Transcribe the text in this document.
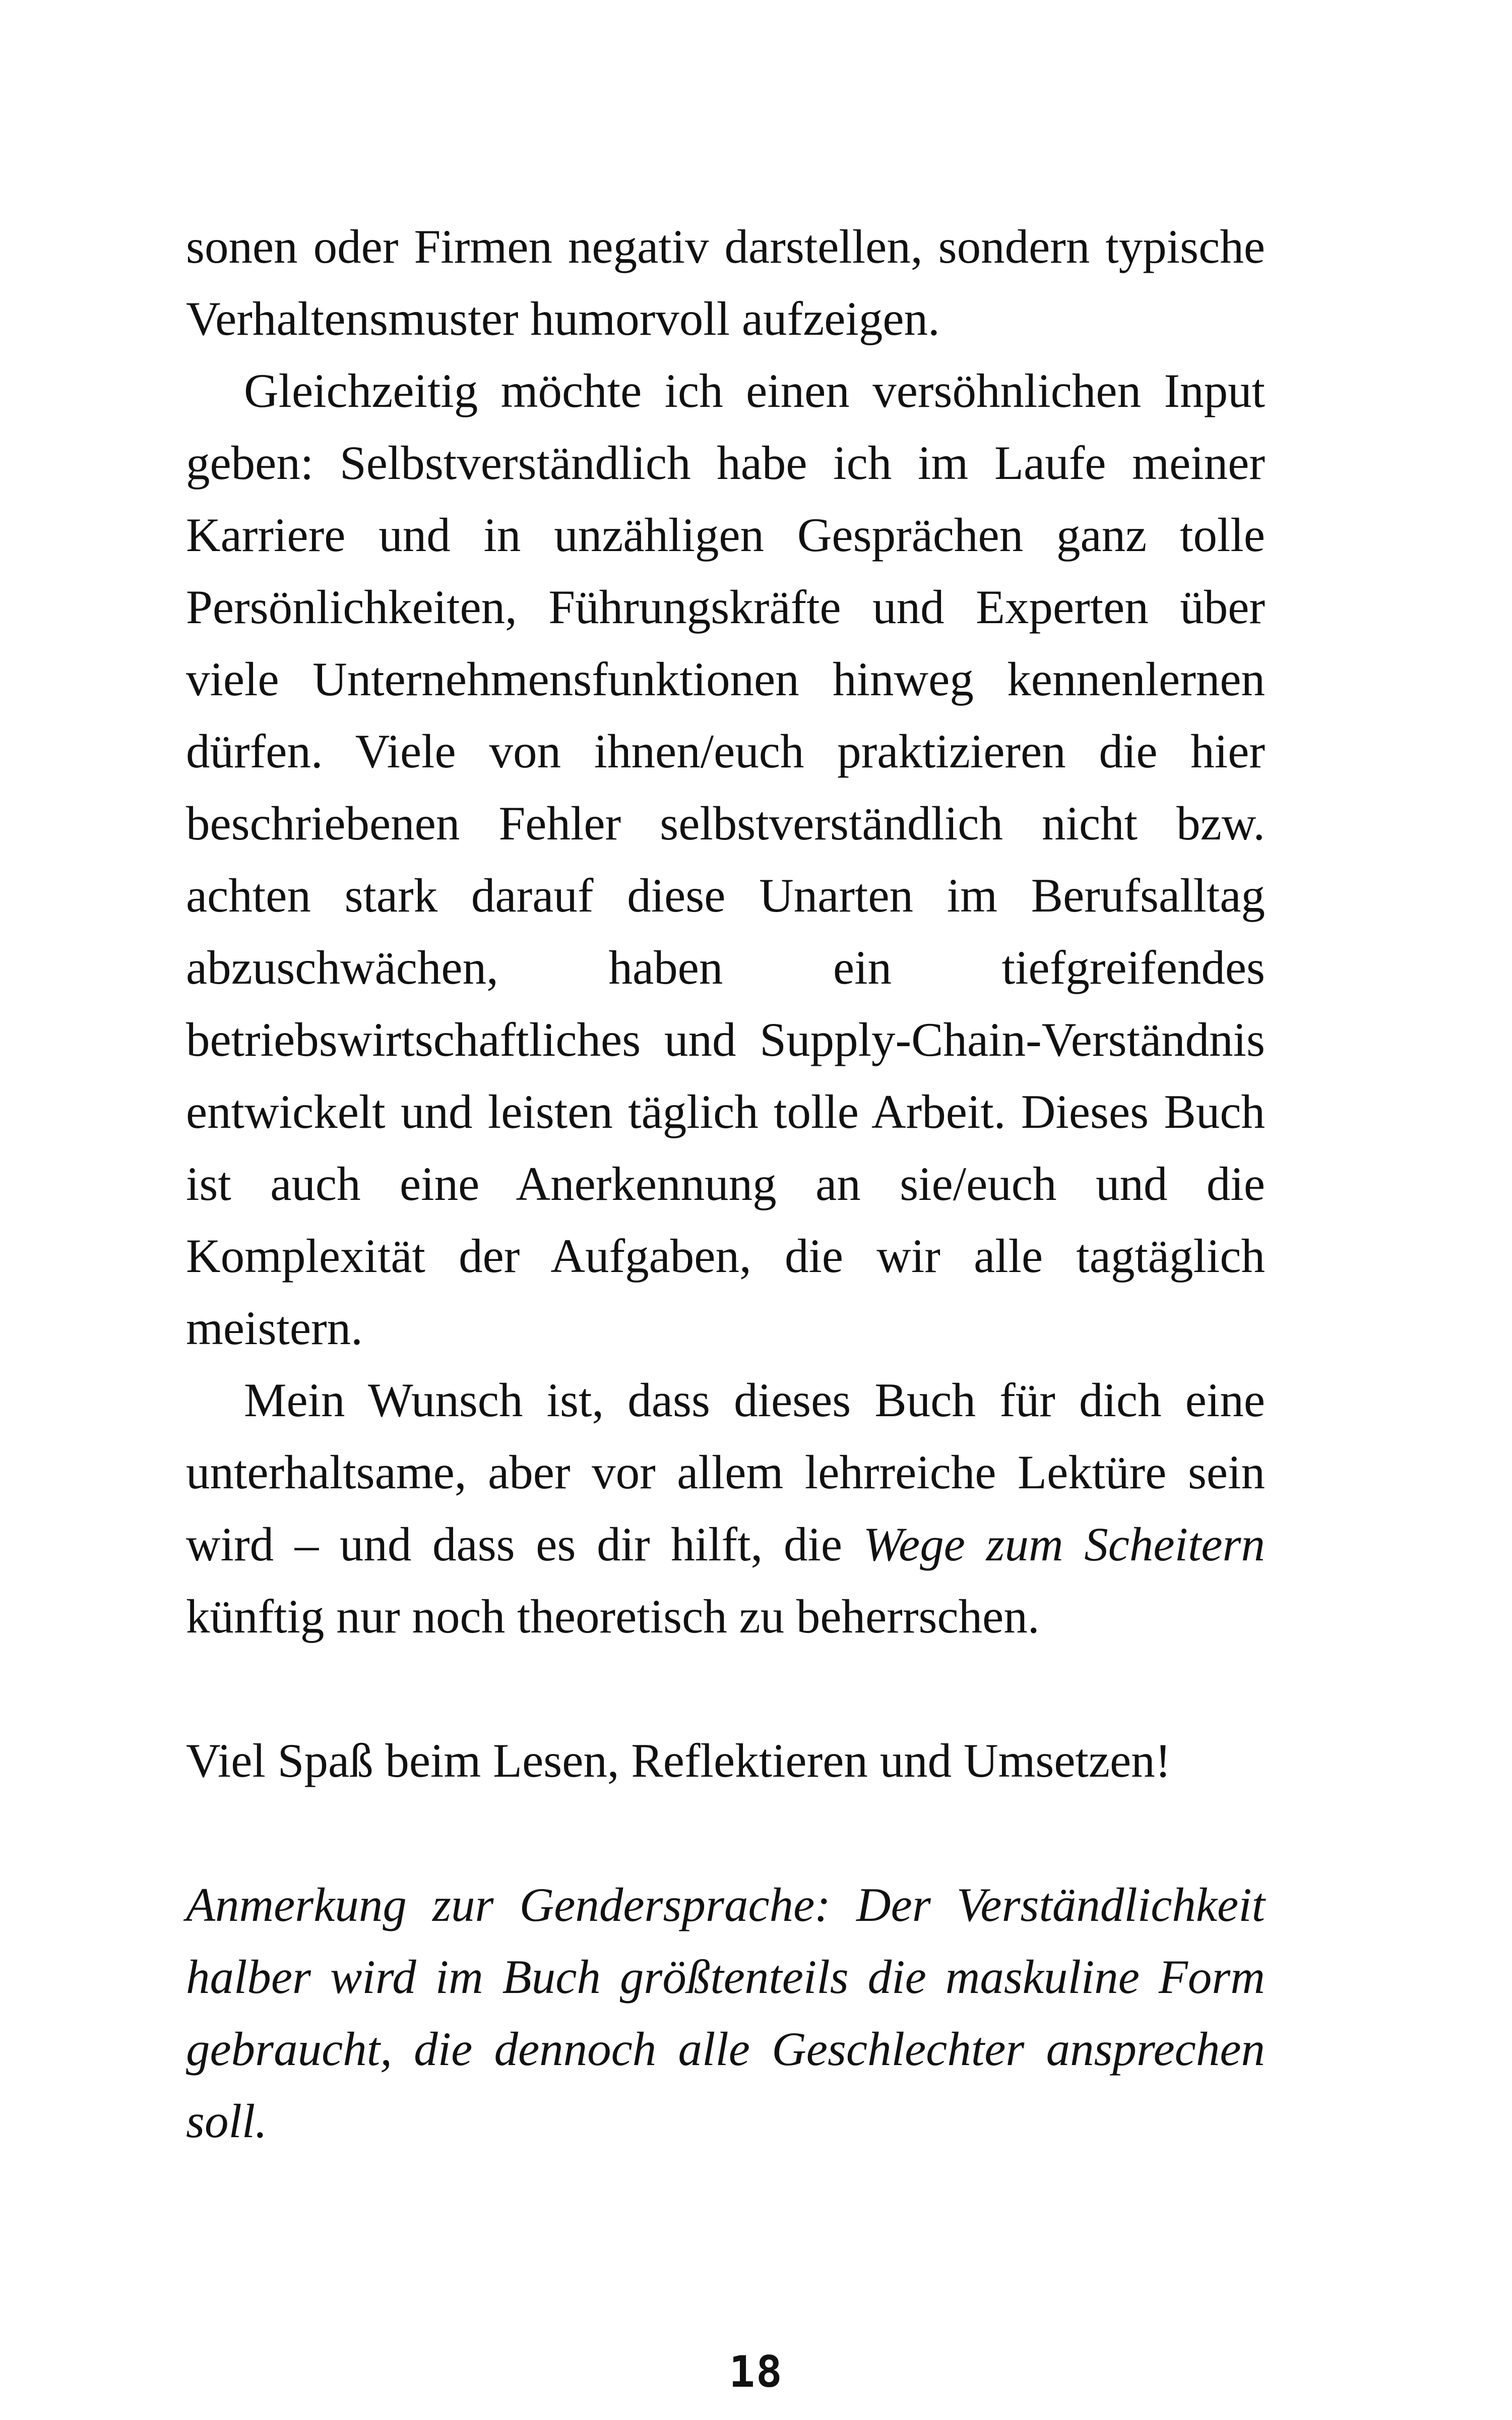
sonen oder Firmen negativ darstellen, sondern typische Verhaltensmuster humorvoll aufzeigen.

Gleichzeitig möchte ich einen versöhnlichen Input geben: Selbstverständlich habe ich im Laufe meiner Karriere und in unzähligen Gesprächen ganz tolle Persönlichkeiten, Führungskräfte und Experten über viele Unternehmensfunktionen hinweg kennenlernen dürfen. Viele von ihnen/euch praktizieren die hier beschriebenen Fehler selbstverständlich nicht bzw. achten stark darauf diese Unarten im Berufsalltag abzuschwächen, haben ein tiefgreifendes betriebswirtschaftliches und Supply-Chain-Verständnis entwickelt und leisten täglich tolle Arbeit. Dieses Buch ist auch eine Anerkennung an sie/euch und die Komplexität der Aufgaben, die wir alle tagtäglich meistern.

Mein Wunsch ist, dass dieses Buch für dich eine unterhaltsame, aber vor allem lehrreiche Lektüre sein wird – und dass es dir hilft, die Wege zum Scheitern künftig nur noch theoretisch zu beherrschen.

Viel Spaß beim Lesen, Reflektieren und Umsetzen!

Anmerkung zur Gendersprache: Der Verständlichkeit halber wird im Buch größtenteils die maskuline Form gebraucht, die dennoch alle Geschlechter ansprechen soll.

18
